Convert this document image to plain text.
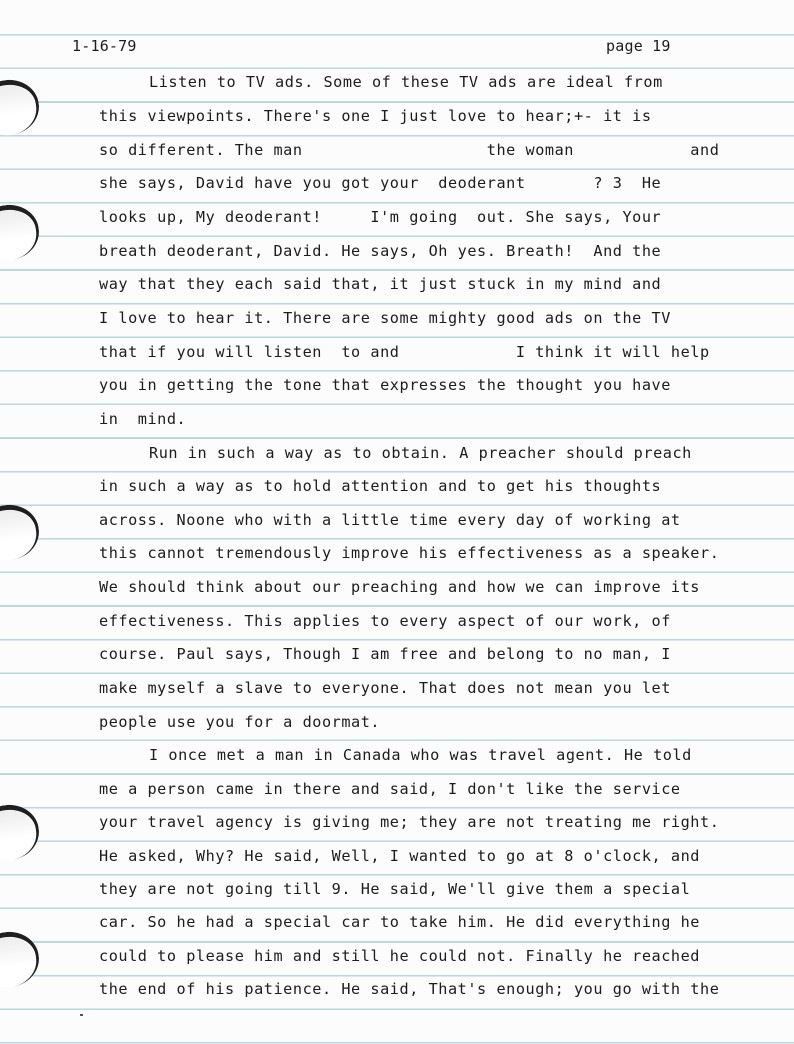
1-16-79	page 19
Listen to TV ads. Some of these TV ads are ideal from
this viewpoints. There's one I just love to hear;+- it is
so different. The man                   the woman            and
she says, David have you got your  deoderant       ? 3  He
looks up, My deoderant!     I'm going  out. She says, Your
breath deoderant, David. He says, Oh yes. Breath!  And the
way that they each said that, it just stuck in my mind and
I love to hear it. There are some mighty good ads on the TV
that if you will listen  to and            I think it will help
you in getting the tone that expresses the thought you have
in  mind.
Run in such a way as to obtain. A preacher should preach
in such a way as to hold attention and to get his thoughts
across. Noone who with a little time every day of working at
this cannot tremendously improve his effectiveness as a speaker.
We should think about our preaching and how we can improve its
effectiveness. This applies to every aspect of our work, of
course. Paul says, Though I am free and belong to no man, I
make myself a slave to everyone. That does not mean you let
people use you for a doormat.
I once met a man in Canada who was travel agent. He told
me a person came in there and said, I don't like the service
your travel agency is giving me; they are not treating me right.
He asked, Why? He said, Well, I wanted to go at 8 o'clock, and
they are not going till 9. He said, We'll give them a special
car. So he had a special car to take him. He did everything he
could to please him and still he could not. Finally he reached
the end of his patience. He said, That's enough; you go with the
